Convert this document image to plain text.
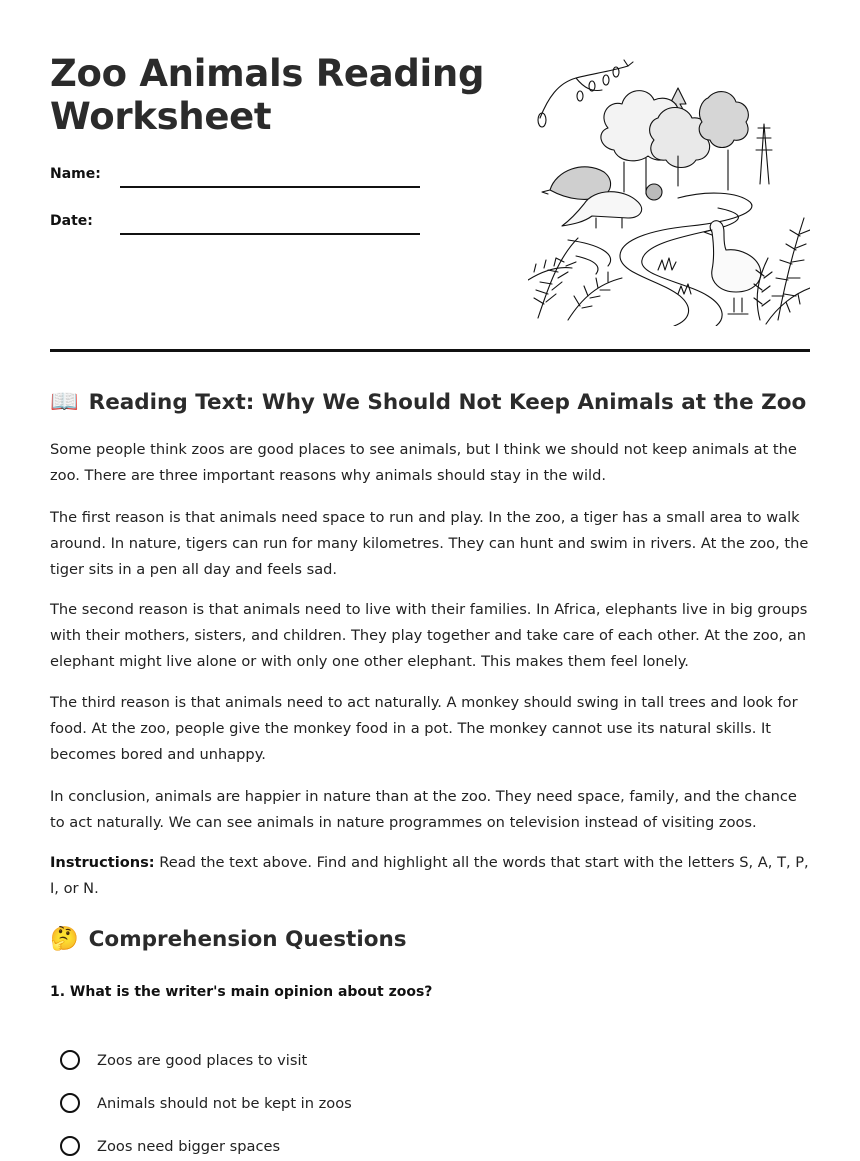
Zoo Animals Reading Worksheet
Name:
Date:
📖 Reading Text: Why We Should Not Keep Animals at the Zoo

Some people think zoos are good places to see animals, but I think we should not keep animals at the zoo. There are three important reasons why animals should stay in the wild.

The first reason is that animals need space to run and play. In the zoo, a tiger has a small area to walk around. In nature, tigers can run for many kilometres. They can hunt and swim in rivers. At the zoo, the tiger sits in a pen all day and feels sad.

The second reason is that animals need to live with their families. In Africa, elephants live in big groups with their mothers, sisters, and children. They play together and take care of each other. At the zoo, an elephant might live alone or with only one other elephant. This makes them feel lonely.

The third reason is that animals need to act naturally. A monkey should swing in tall trees and look for food. At the zoo, people give the monkey food in a pot. The monkey cannot use its natural skills. It becomes bored and unhappy.

In conclusion, animals are happier in nature than at the zoo. They need space, family, and the chance to act naturally. We can see animals in nature programmes on television instead of visiting zoos.

Instructions: Read the text above. Find and highlight all the words that start with the letters S, A, T, P, I, or N.

🤔 Comprehension Questions

1. What is the writer's main opinion about zoos?

Zoos are good places to visit
Animals should not be kept in zoos
Zoos need bigger spaces
